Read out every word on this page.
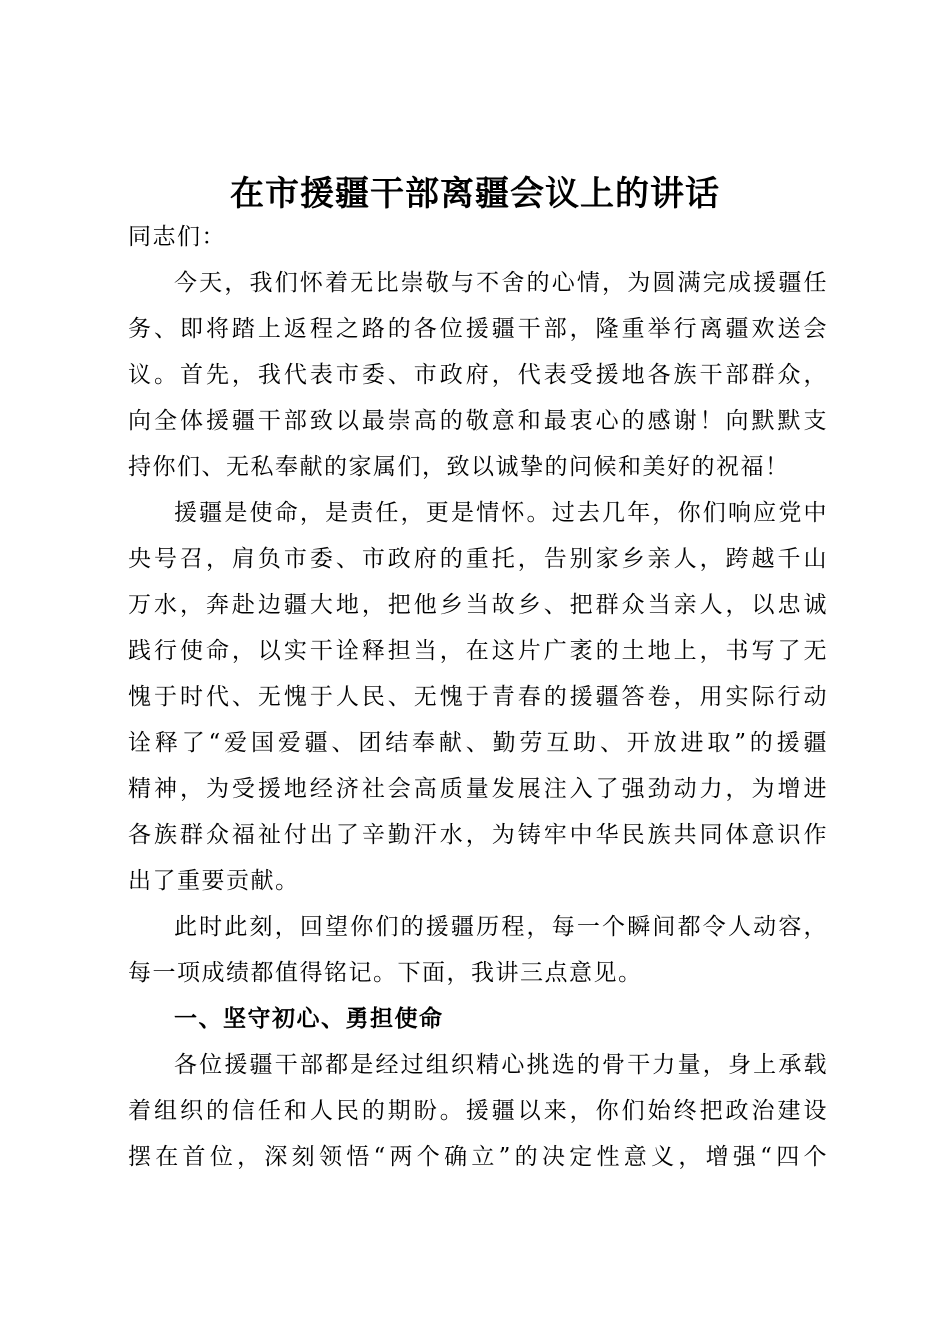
在市援疆干部离疆会议上的讲话
同志们：
今天，我们怀着无比崇敬与不舍的心情，为圆满完成援疆任
务、即将踏上返程之路的各位援疆干部，隆重举行离疆欢送会
议。首先，我代表市委、市政府，代表受援地各族干部群众，
向全体援疆干部致以最崇高的敬意和最衷心的感谢！向默默支
持你们、无私奉献的家属们，致以诚挚的问候和美好的祝福！
援疆是使命，是责任，更是情怀。过去几年，你们响应党中
央号召，肩负市委、市政府的重托，告别家乡亲人，跨越千山
万水，奔赴边疆大地，把他乡当故乡、把群众当亲人，以忠诚
践行使命，以实干诠释担当，在这片广袤的土地上，书写了无
愧于时代、无愧于人民、无愧于青春的援疆答卷，用实际行动
诠释了“爱国爱疆、团结奉献、勤劳互助、开放进取”的援疆
精神，为受援地经济社会高质量发展注入了强劲动力，为增进
各族群众福祉付出了辛勤汗水，为铸牢中华民族共同体意识作
出了重要贡献。
此时此刻，回望你们的援疆历程，每一个瞬间都令人动容，
每一项成绩都值得铭记。下面，我讲三点意见。
一、坚守初心、勇担使命
各位援疆干部都是经过组织精心挑选的骨干力量，身上承载
着组织的信任和人民的期盼。援疆以来，你们始终把政治建设
摆在首位，深刻领悟“两个确立”的决定性意义，增强“四个
